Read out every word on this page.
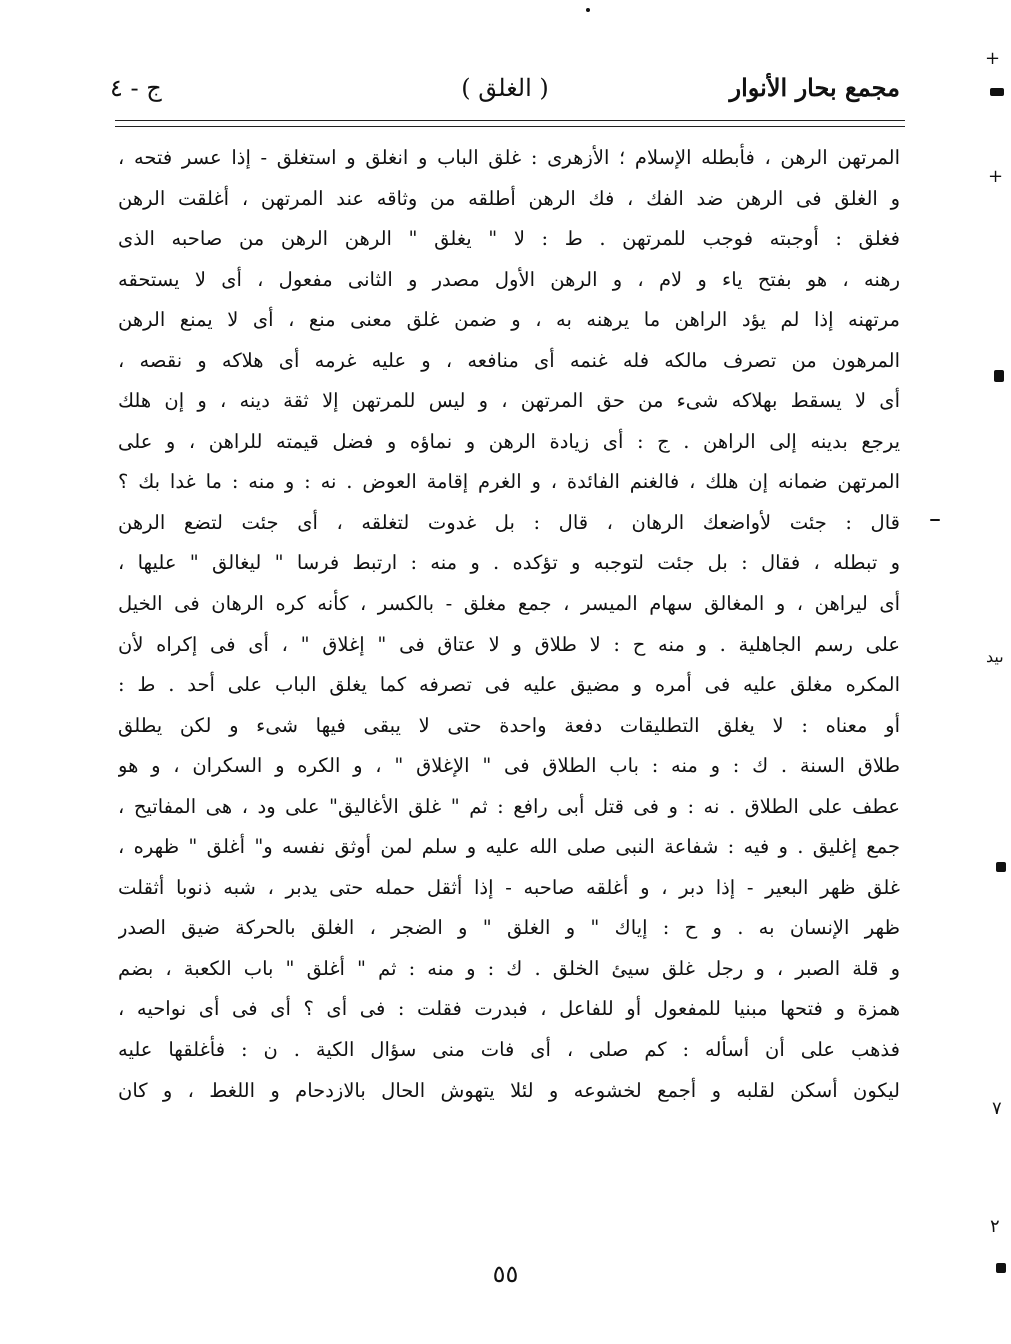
مجمع بحار الأنوار
( الغلق )
ج - ٤
المرتهن الرهن ، فأبطله الإسلام ؛ الأزهرى : غلق الباب و انغلق و استغلق - إذا عسر فتحه ،
و الغلق فى الرهن ضد الفك ، فك الرهن أطلقه من وثاقه عند المرتهن ، أغلقت الرهن
فغلق : أوجبته فوجب للمرتهن . ط : لا " يغلق " الرهن الرهن من صاحبه الذى
رهنه ، هو بفتح ياء و لام ، و الرهن الأول مصدر و الثانى مفعول ، أى لا يستحقه
مرتهنه إذا لم يؤد الراهن ما يرهنه به ، و ضمن غلق معنى منع ، أى لا يمنع الرهن
المرهون من تصرف مالكه فله غنمه أى منافعه ، و عليه غرمه أى هلاكه و نقصه ،
أى لا يسقط بهلاكه شىء من حق المرتهن ، و ليس للمرتهن إلا ثقة دينه ، و إن هلك
يرجع بدينه إلى الراهن . ج : أى زيادة الرهن و نماؤه و فضل قيمته للراهن ، و على
المرتهن ضمانه إن هلك ، فالغنم الفائدة ، و الغرم إقامة العوض . نه : و منه : ما غدا بك ؟
قال : جئت لأواضعك الرهان ، قال : بل غدوت لتغلقه ، أى جئت لتضع الرهن
و تبطله ، فقال : بل جئت لتوجبه و تؤكده . و منه : ارتبط فرسا " ليغالق " عليها ،
أى ليراهن ، و المغالق سهام الميسر ، جمع مغلق - بالكسر ، كأنه كره الرهان فى الخيل
على رسم الجاهلية . و منه ح : لا طلاق و لا عتاق فى " إغلاق " ، أى فى إكراه لأن
المكره مغلق عليه فى أمره و مضيق عليه فى تصرفه كما يغلق الباب على أحد . ط :
أو معناه : لا يغلق التطليقات دفعة واحدة حتى لا يبقى فيها شىء و لكن يطلق
طلاق السنة . ك : و منه : باب الطلاق فى " الإغلاق " ، و الكره و السكران ، و هو
عطف على الطلاق . نه : و فى قتل أبى رافع : ثم " غلق الأغاليق" على ود ، هى المفاتيح ،
جمع إغليق . و فيه : شفاعة النبى صلى الله عليه و سلم لمن أوثق نفسه و" أغلق " ظهره ،
غلق ظهر البعير - إذا دبر ، و أغلقه صاحبه - إذا أثقل حمله حتى يدبر ، شبه ذنوبا أثقلت
ظهر الإنسان به . و ح : إياك " و الغلق " و الضجر ، الغلق بالحركة ضيق الصدر
و قلة الصبر ، و رجل غلق سيئ الخلق . ك : و منه : ثم " أغلق " باب الكعبة ، بضم
همزة و فتحها مبنيا للمفعول أو للفاعل ، فبدرت فقلت : فى أى ؟ أى فى أى نواحيه ،
فذهب على أن أسأله : كم صلى ، أى فات منى سؤال الكية . ن : فأغلقها عليه
ليكون أسكن لقلبه و أجمع لخشوعه و لئلا يتهوش الحال بالازدحام و اللغط ، و كان
٥٥
+
+
ىيد
٧
٢
